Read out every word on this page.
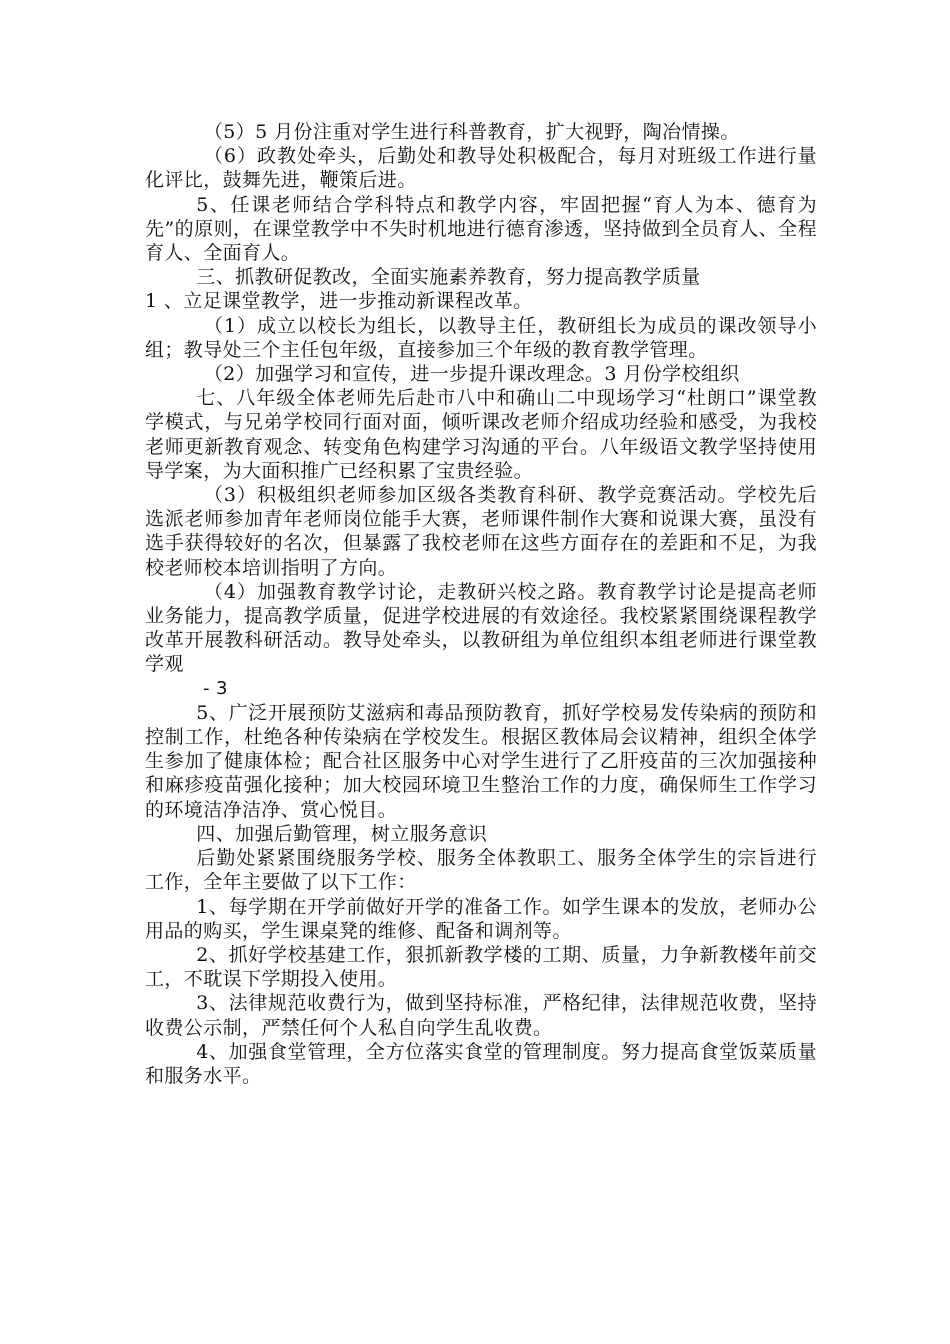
（5）5 月份注重对学生进行科普教育，扩大视野，陶冶情操。

（6）政教处牵头，后勤处和教导处积极配合，每月对班级工作进行量化评比，鼓舞先进，鞭策后进。

5、任课老师结合学科特点和教学内容，牢固把握“育人为本、德育为先”的原则，在课堂教学中不失时机地进行德育渗透，坚持做到全员育人、全程育人、全面育人。

三、抓教研促教改，全面实施素养教育，努力提高教学质量

1 、立足课堂教学，进一步推动新课程改革。

（1）成立以校长为组长，以教导主任，教研组长为成员的课改领导小组；教导处三个主任包年级，直接参加三个年级的教育教学管理。

（2）加强学习和宣传，进一步提升课改理念。3 月份学校组织

七、八年级全体老师先后赴市八中和确山二中现场学习“杜朗口”课堂教学模式，与兄弟学校同行面对面，倾听课改老师介绍成功经验和感受，为我校老师更新教育观念、转变角色构建学习沟通的平台。八年级语文教学坚持使用导学案，为大面积推广已经积累了宝贵经验。

（3）积极组织老师参加区级各类教育科研、教学竞赛活动。学校先后选派老师参加青年老师岗位能手大赛，老师课件制作大赛和说课大赛，虽没有选手获得较好的名次，但暴露了我校老师在这些方面存在的差距和不足，为我校老师校本培训指明了方向。

（4）加强教育教学讨论，走教研兴校之路。教育教学讨论是提高老师业务能力，提高教学质量，促进学校进展的有效途径。我校紧紧围绕课程教学改革开展教科研活动。教导处牵头，以教研组为单位组织本组老师进行课堂教学观

- 3

5、广泛开展预防艾滋病和毒品预防教育，抓好学校易发传染病的预防和控制工作，杜绝各种传染病在学校发生。根据区教体局会议精神，组织全体学生参加了健康体检；配合社区服务中心对学生进行了乙肝疫苗的三次加强接种和麻疹疫苗强化接种；加大校园环境卫生整治工作的力度，确保师生工作学习的环境洁净洁净、赏心悦目。

四、加强后勤管理，树立服务意识

后勤处紧紧围绕服务学校、服务全体教职工、服务全体学生的宗旨进行工作，全年主要做了以下工作：

1、每学期在开学前做好开学的准备工作。如学生课本的发放，老师办公用品的购买，学生课桌凳的维修、配备和调剂等。

2、抓好学校基建工作，狠抓新教学楼的工期、质量，力争新教楼年前交工，不耽误下学期投入使用。

3、法律规范收费行为，做到坚持标准，严格纪律，法律规范收费，坚持收费公示制，严禁任何个人私自向学生乱收费。

4、加强食堂管理，全方位落实食堂的管理制度。努力提高食堂饭菜质量和服务水平。
